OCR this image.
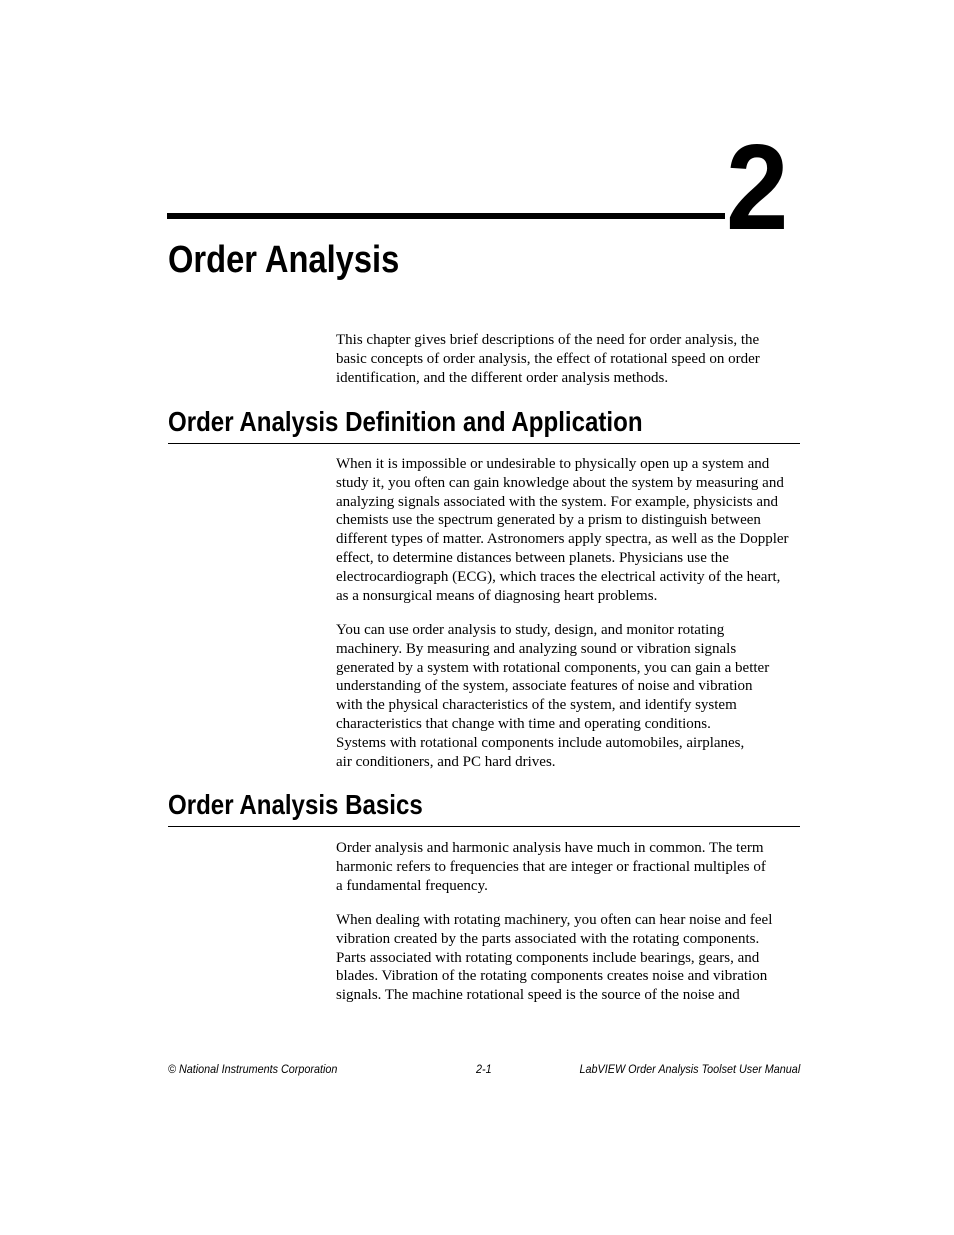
2
Order Analysis

This chapter gives brief descriptions of the need for order analysis, the
basic concepts of order analysis, the effect of rotational speed on order
identification, and the different order analysis methods.

Order Analysis Definition and Application

When it is impossible or undesirable to physically open up a system and
study it, you often can gain knowledge about the system by measuring and
analyzing signals associated with the system. For example, physicists and
chemists use the spectrum generated by a prism to distinguish between
different types of matter. Astronomers apply spectra, as well as the Doppler
effect, to determine distances between planets. Physicians use the
electrocardiograph (ECG), which traces the electrical activity of the heart,
as a nonsurgical means of diagnosing heart problems.

You can use order analysis to study, design, and monitor rotating
machinery. By measuring and analyzing sound or vibration signals
generated by a system with rotational components, you can gain a better
understanding of the system, associate features of noise and vibration
with the physical characteristics of the system, and identify system
characteristics that change with time and operating conditions.
Systems with rotational components include automobiles, airplanes,
air conditioners, and PC hard drives.

Order Analysis Basics

Order analysis and harmonic analysis have much in common. The term
harmonic refers to frequencies that are integer or fractional multiples of
a fundamental frequency.

When dealing with rotating machinery, you often can hear noise and feel
vibration created by the parts associated with the rotating components.
Parts associated with rotating components include bearings, gears, and
blades. Vibration of the rotating components creates noise and vibration
signals. The machine rotational speed is the source of the noise and

© National Instruments Corporation	2-1	LabVIEW Order Analysis Toolset User Manual
